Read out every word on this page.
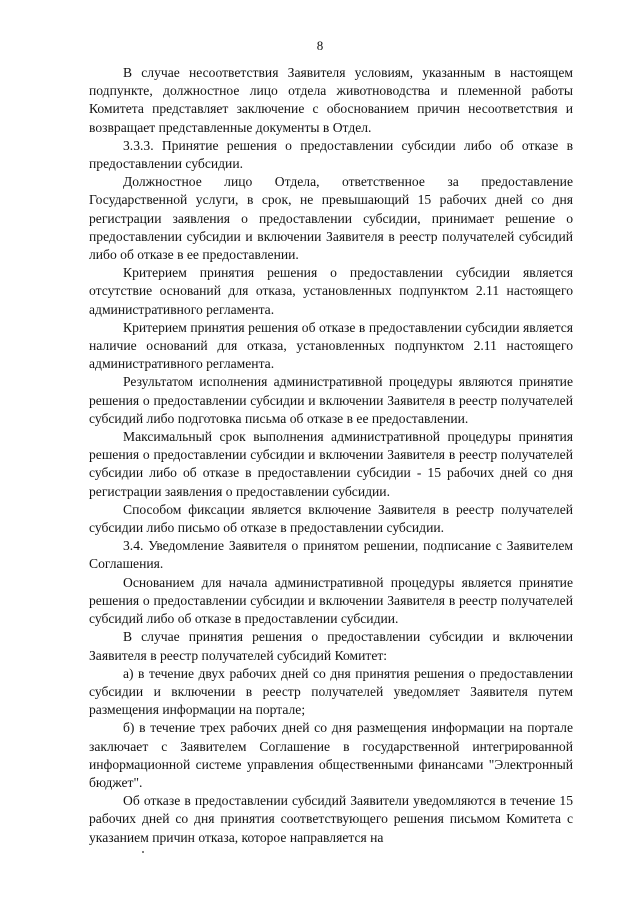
8

В случае несоответствия Заявителя условиям, указанным в настоящем подпункте, должностное лицо отдела животноводства и племенной работы Комитета представляет заключение с обоснованием причин несоответствия и возвращает представленные документы в Отдел.

3.3.3. Принятие решения о предоставлении субсидии либо об отказе в предоставлении субсидии.

Должностное лицо Отдела, ответственное за предоставление Государственной услуги, в срок, не превышающий 15 рабочих дней со дня регистрации заявления о предоставлении субсидии, принимает решение о предоставлении субсидии и включении Заявителя в реестр получателей субсидий либо об отказе в ее предоставлении.

Критерием принятия решения о предоставлении субсидии является отсутствие оснований для отказа, установленных подпунктом 2.11 настоящего административного регламента.

Критерием принятия решения об отказе в предоставлении субсидии является наличие оснований для отказа, установленных подпунктом 2.11 настоящего административного регламента.

Результатом исполнения административной процедуры являются принятие решения о предоставлении субсидии и включении Заявителя в реестр получателей субсидий либо подготовка письма об отказе в ее предоставлении.

Максимальный срок выполнения административной процедуры принятия решения о предоставлении субсидии и включении Заявителя в реестр получателей субсидии либо об отказе в предоставлении субсидии - 15 рабочих дней со дня регистрации заявления о предоставлении субсидии.

Способом фиксации является включение Заявителя в реестр получателей субсидии либо письмо об отказе в предоставлении субсидии.

3.4. Уведомление Заявителя о принятом решении, подписание с Заявителем Соглашения.

Основанием для начала административной процедуры является принятие решения о предоставлении субсидии и включении Заявителя в реестр получателей субсидий либо об отказе в предоставлении субсидии.

В случае принятия решения о предоставлении субсидии и включении Заявителя в реестр получателей субсидий Комитет:

а) в течение двух рабочих дней со дня принятия решения о предоставлении субсидии и включении в реестр получателей уведомляет Заявителя путем размещения информации на портале;

б) в течение трех рабочих дней со дня размещения информации на портале заключает с Заявителем Соглашение в государственной интегрированной информационной системе управления общественными финансами "Электронный бюджет".

Об отказе в предоставлении субсидий Заявители уведомляются в течение 15 рабочих дней со дня принятия соответствующего решения письмом Комитета с указанием причин отказа, которое направляется на
